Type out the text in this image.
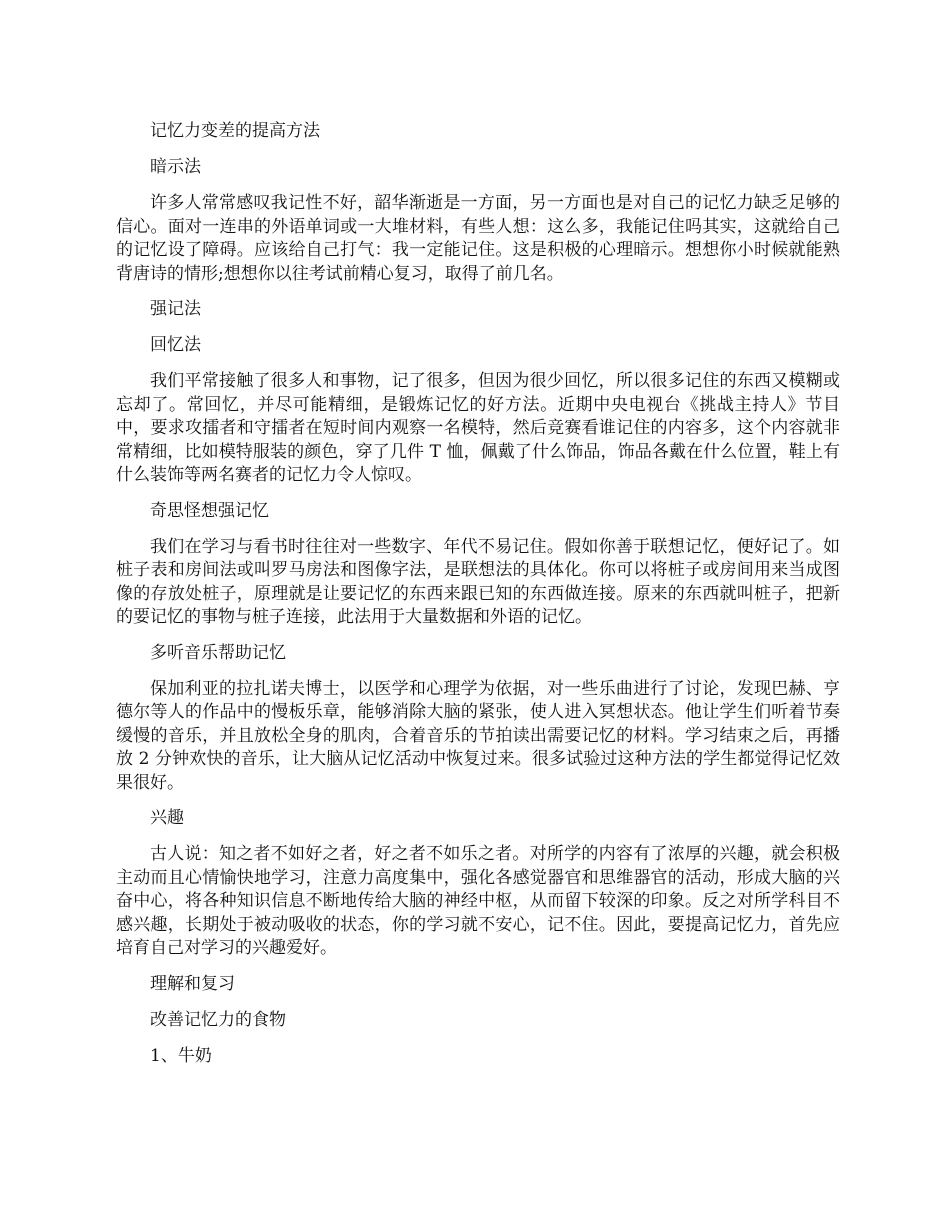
记忆力变差的提高方法

暗示法

许多人常常感叹我记性不好，韶华渐逝是一方面，另一方面也是对自己的记忆力缺乏足够的信心。面对一连串的外语单词或一大堆材料，有些人想：这么多，我能记住吗其实，这就给自己的记忆设了障碍。应该给自己打气：我一定能记住。这是积极的心理暗示。想想你小时候就能熟背唐诗的情形;想想你以往考试前精心复习，取得了前几名。

强记法

回忆法

我们平常接触了很多人和事物，记了很多，但因为很少回忆，所以很多记住的东西又模糊或忘却了。常回忆，并尽可能精细，是锻炼记忆的好方法。近期中央电视台《挑战主持人》节目中，要求攻擂者和守擂者在短时间内观察一名模特，然后竞赛看谁记住的内容多，这个内容就非常精细，比如模特服装的颜色，穿了几件 T 恤，佩戴了什么饰品，饰品各戴在什么位置，鞋上有什么装饰等两名赛者的记忆力令人惊叹。

奇思怪想强记忆

我们在学习与看书时往往对一些数字、年代不易记住。假如你善于联想记忆，便好记了。如桩子表和房间法或叫罗马房法和图像字法，是联想法的具体化。你可以将桩子或房间用来当成图像的存放处桩子，原理就是让要记忆的东西来跟已知的东西做连接。原来的东西就叫桩子，把新的要记忆的事物与桩子连接，此法用于大量数据和外语的记忆。

多听音乐帮助记忆

保加利亚的拉扎诺夫博士，以医学和心理学为依据，对一些乐曲进行了讨论，发现巴赫、亨德尔等人的作品中的慢板乐章，能够消除大脑的紧张，使人进入冥想状态。他让学生们听着节奏缓慢的音乐，并且放松全身的肌肉，合着音乐的节拍读出需要记忆的材料。学习结束之后，再播放 2 分钟欢快的音乐，让大脑从记忆活动中恢复过来。很多试验过这种方法的学生都觉得记忆效果很好。

兴趣

古人说：知之者不如好之者，好之者不如乐之者。对所学的内容有了浓厚的兴趣，就会积极主动而且心情愉快地学习，注意力高度集中，强化各感觉器官和思维器官的活动，形成大脑的兴奋中心，将各种知识信息不断地传给大脑的神经中枢，从而留下较深的印象。反之对所学科目不感兴趣，长期处于被动吸收的状态，你的学习就不安心，记不住。因此，要提高记忆力，首先应培育自己对学习的兴趣爱好。

理解和复习

改善记忆力的食物

1、牛奶
